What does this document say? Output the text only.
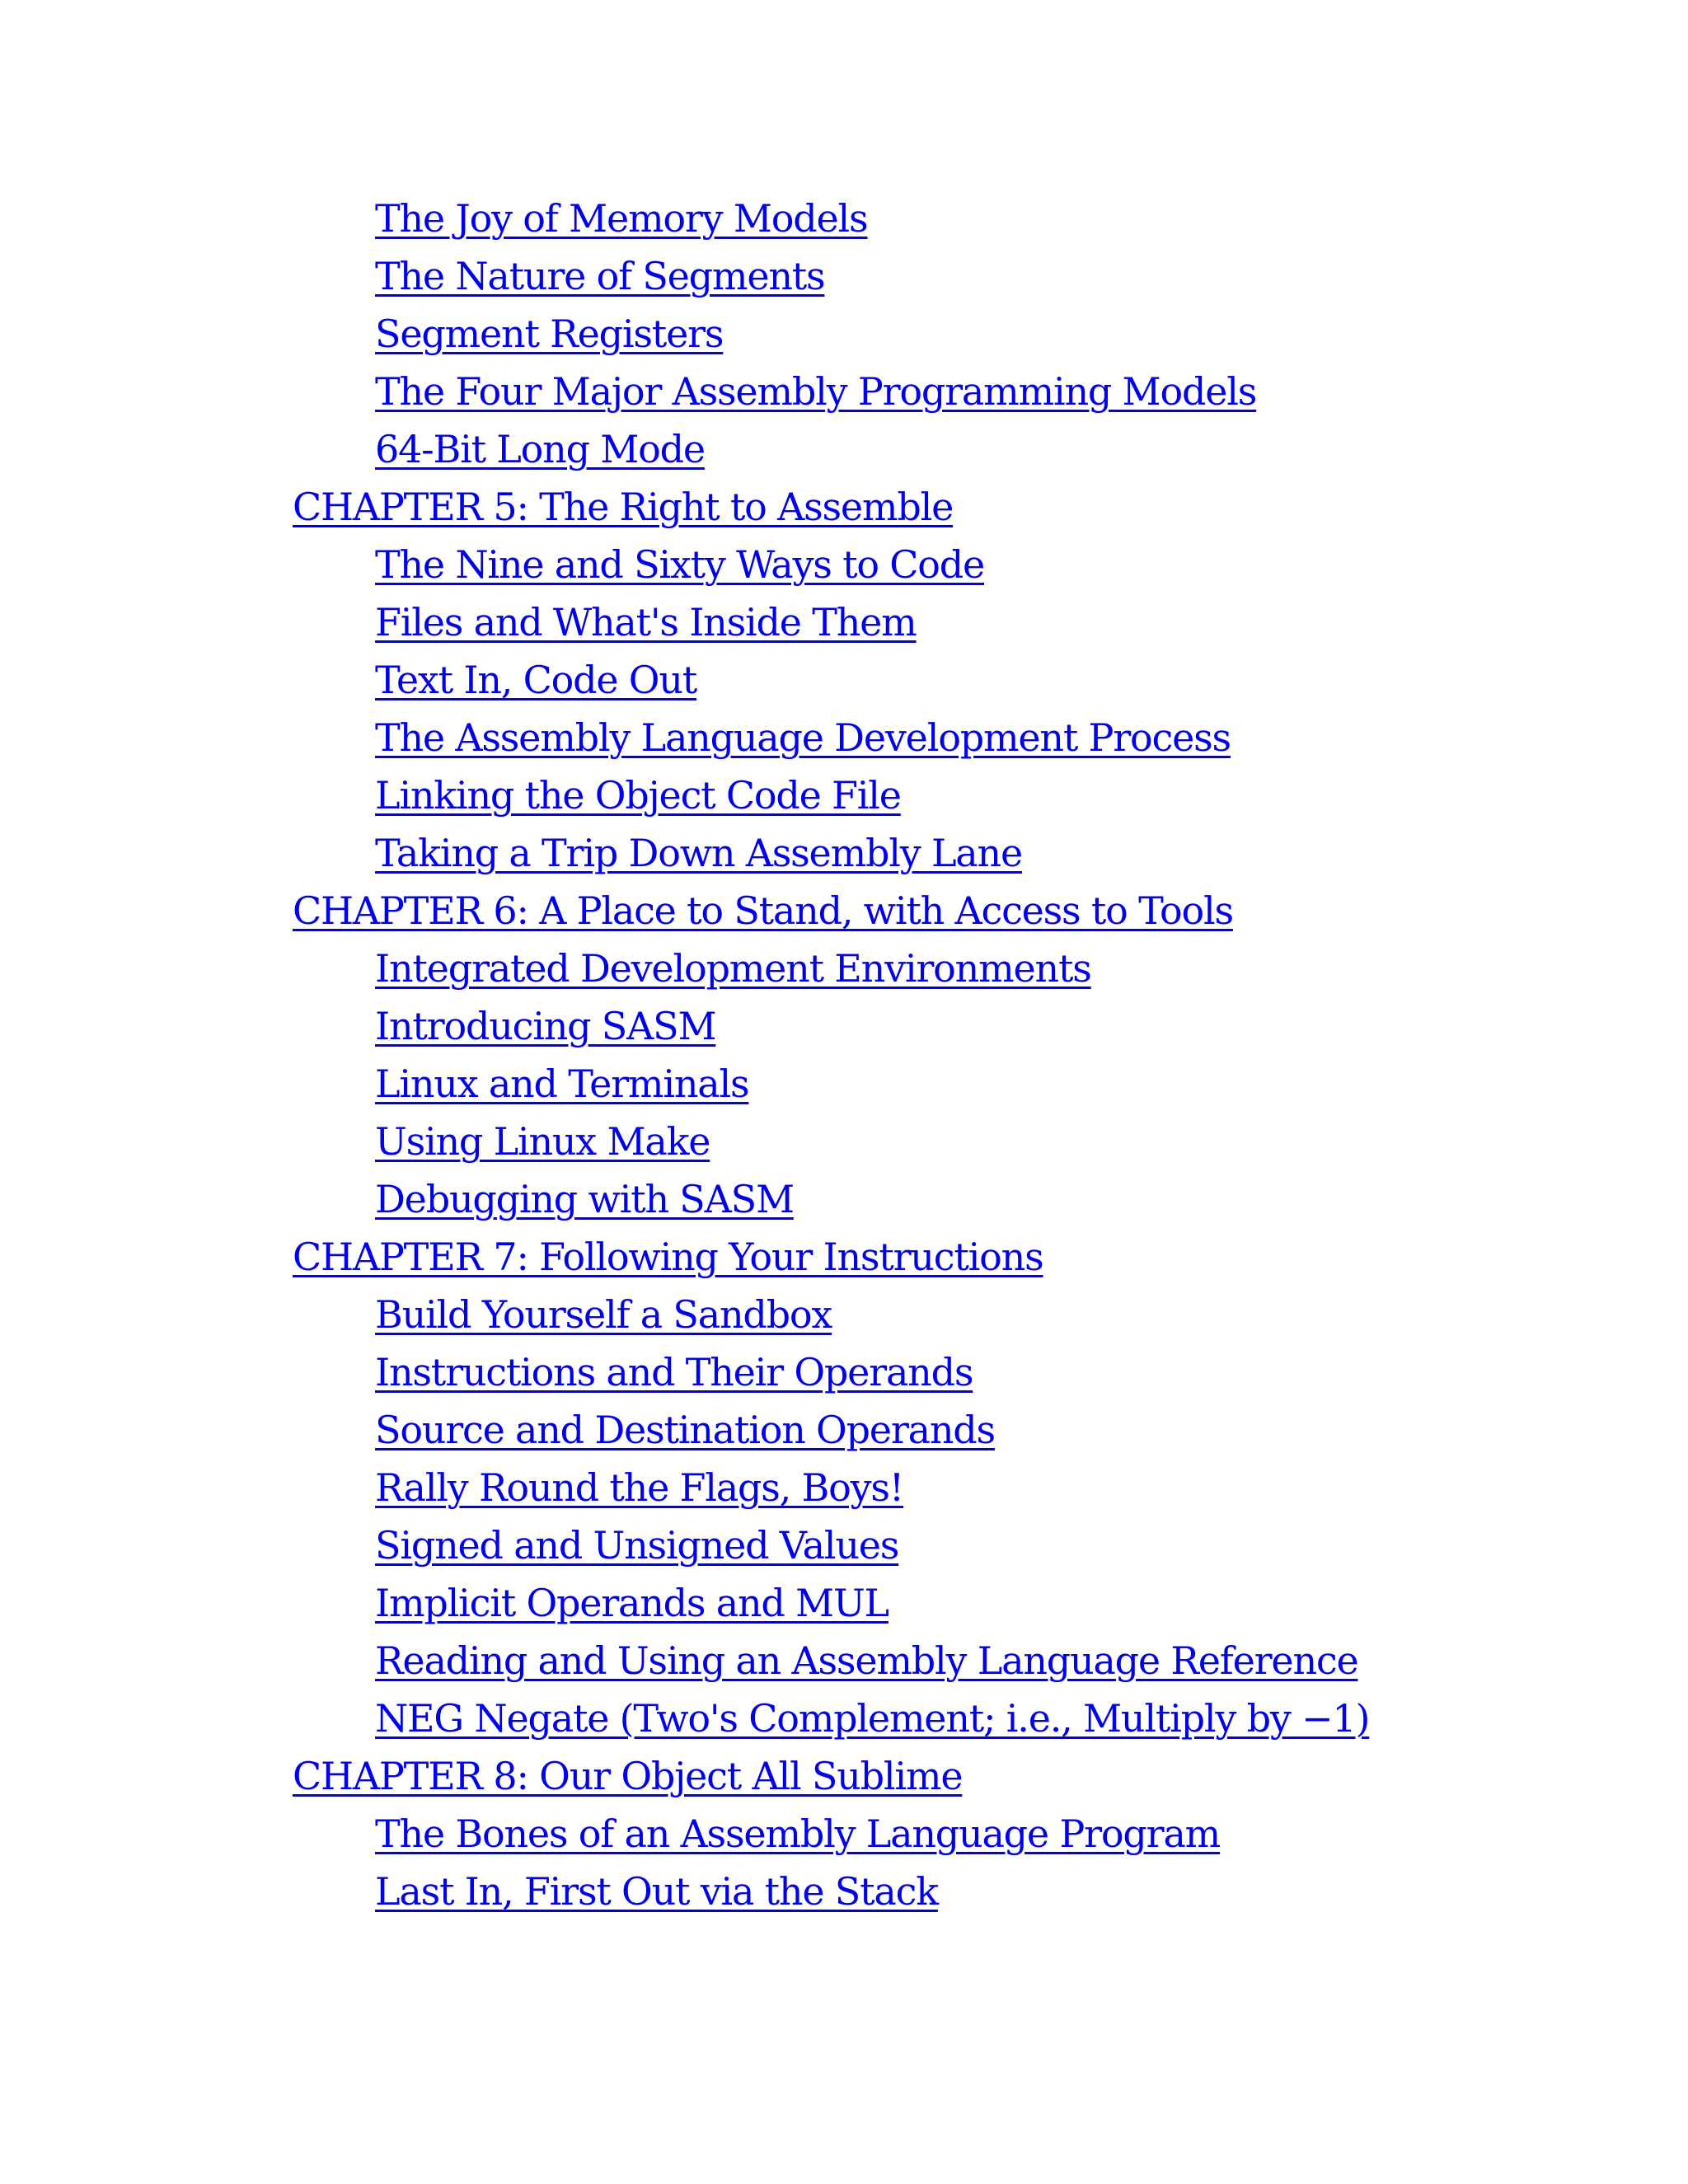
The Joy of Memory Models
The Nature of Segments
Segment Registers
The Four Major Assembly Programming Models
64-Bit Long Mode
CHAPTER 5: The Right to Assemble
The Nine and Sixty Ways to Code
Files and What's Inside Them
Text In, Code Out
The Assembly Language Development Process
Linking the Object Code File
Taking a Trip Down Assembly Lane
CHAPTER 6: A Place to Stand, with Access to Tools
Integrated Development Environments
Introducing SASM
Linux and Terminals
Using Linux Make
Debugging with SASM
CHAPTER 7: Following Your Instructions
Build Yourself a Sandbox
Instructions and Their Operands
Source and Destination Operands
Rally Round the Flags, Boys!
Signed and Unsigned Values
Implicit Operands and MUL
Reading and Using an Assembly Language Reference
NEG Negate (Two's Complement; i.e., Multiply by −1)
CHAPTER 8: Our Object All Sublime
The Bones of an Assembly Language Program
Last In, First Out via the Stack
